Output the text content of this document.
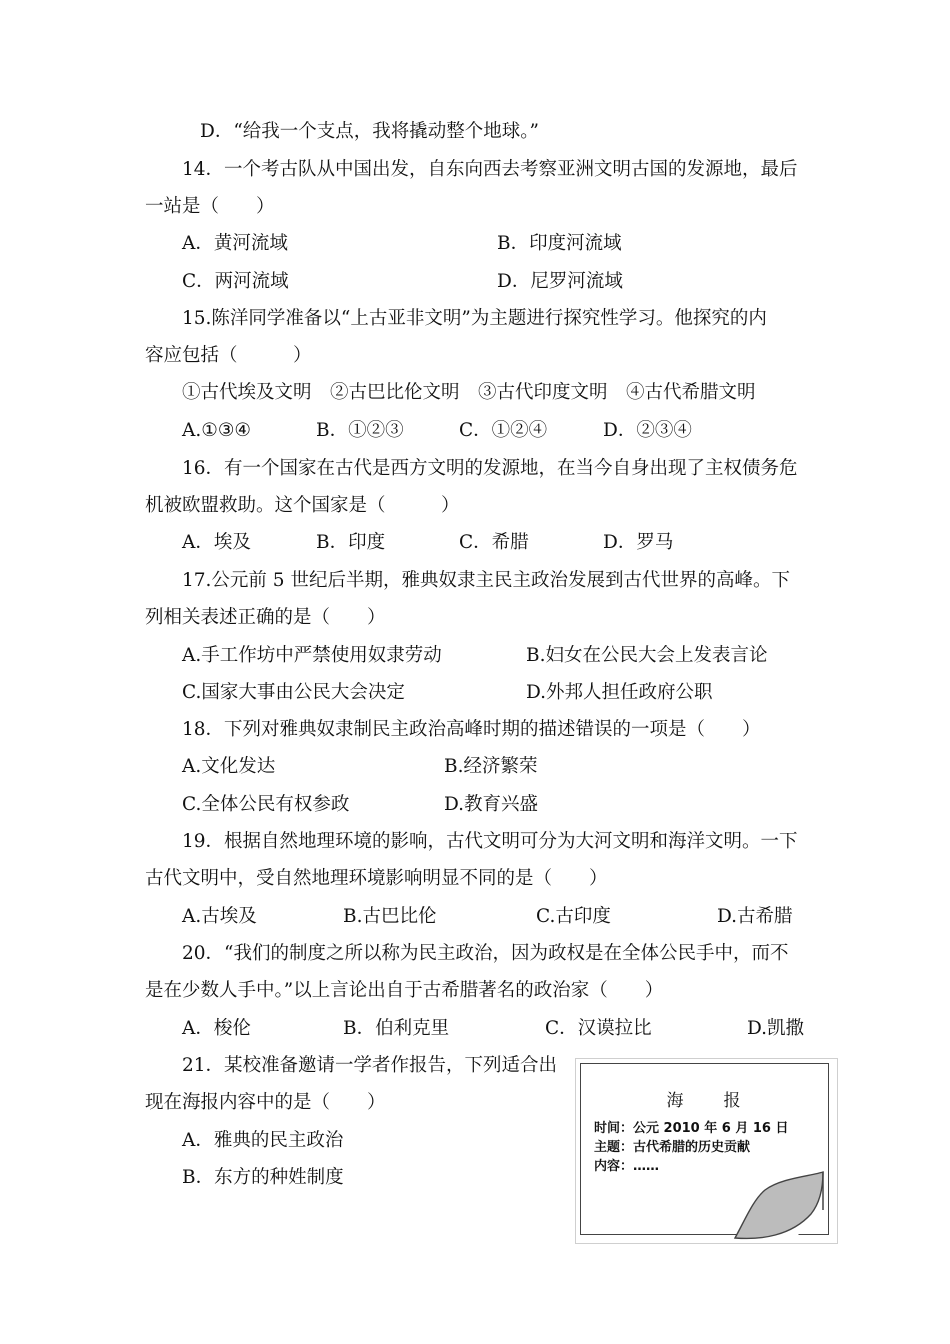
D．“给我一个支点，我将撬动整个地球。”
14．一个考古队从中国出发，自东向西去考察亚洲文明古国的发源地，最后
一站是（　　）
A．黄河流域	B．印度河流域
C．两河流域	D．尼罗河流域
15.陈洋同学准备以“上古亚非文明”为主题进行探究性学习。他探究的内
容应包括（　　　）
①古代埃及文明　②古巴比伦文明　③古代印度文明　④古代希腊文明
A.①③④	B．①②③	C．①②④	D．②③④
16．有一个国家在古代是西方文明的发源地，在当今自身出现了主权债务危
机被欧盟救助。这个国家是（　　　）
A．埃及	B．印度	C．希腊	D．罗马
17.公元前 5 世纪后半期，雅典奴隶主民主政治发展到古代世界的高峰。下
列相关表述正确的是（　　）
A.手工作坊中严禁使用奴隶劳动	B.妇女在公民大会上发表言论
C.国家大事由公民大会决定	D.外邦人担任政府公职
18．下列对雅典奴隶制民主政治高峰时期的描述错误的一项是（　　）
A.文化发达	B.经济繁荣
C.全体公民有权参政	D.教育兴盛
19．根据自然地理环境的影响，古代文明可分为大河文明和海洋文明。一下
古代文明中，受自然地理环境影响明显不同的是（　　）
A.古埃及	B.古巴比伦	C.古印度	D.古希腊
20．“我们的制度之所以称为民主政治，因为政权是在全体公民手中，而不
是在少数人手中。”以上言论出自于古希腊著名的政治家（　　）
A．梭伦	B．伯利克里	C．汉谟拉比	D.凯撒
21．某校准备邀请一学者作报告，下列适合出
现在海报内容中的是（　　）
A．雅典的民主政治
B．东方的种姓制度
海　　报
时间：公元 2010 年 6 月 16 日
主题：古代希腊的历史贡献
内容：……
